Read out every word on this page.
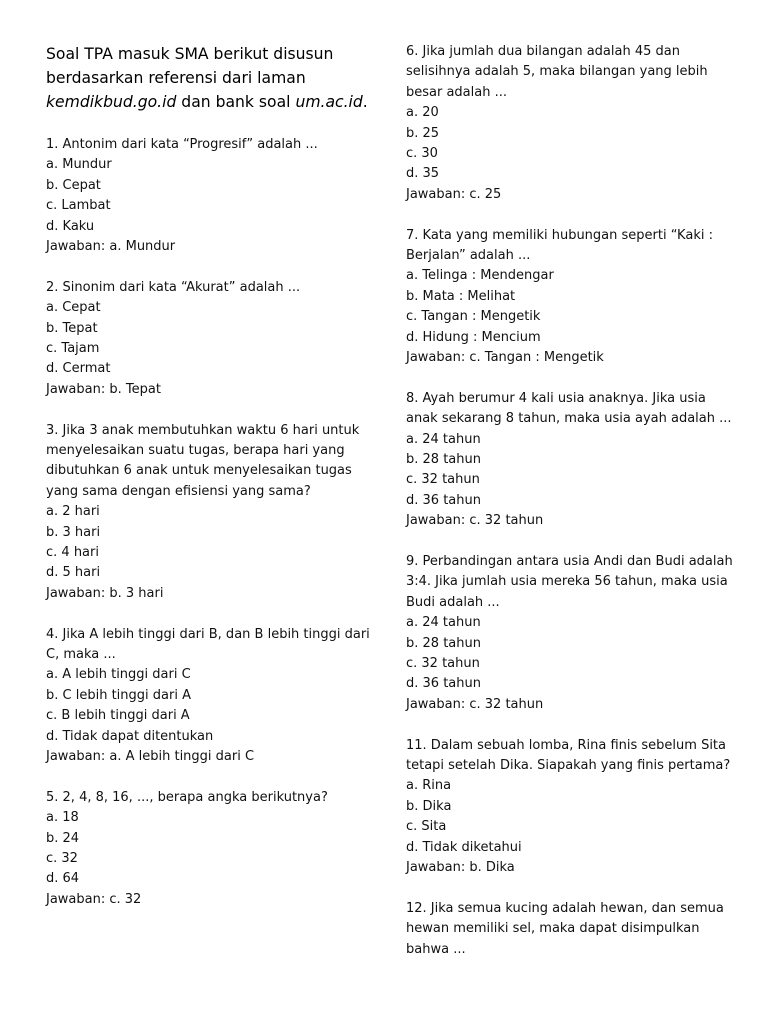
Soal TPA masuk SMA berikut disusun
berdasarkan referensi dari laman
kemdikbud.go.id dan bank soal um.ac.id.
1. Antonim dari kata “Progresif” adalah ...
a. Mundur
b. Cepat
c. Lambat
d. Kaku
Jawaban: a. Mundur
2. Sinonim dari kata “Akurat” adalah ...
a. Cepat
b. Tepat
c. Tajam
d. Cermat
Jawaban: b. Tepat
3. Jika 3 anak membutuhkan waktu 6 hari untuk
menyelesaikan suatu tugas, berapa hari yang
dibutuhkan 6 anak untuk menyelesaikan tugas
yang sama dengan efisiensi yang sama?
a. 2 hari
b. 3 hari
c. 4 hari
d. 5 hari
Jawaban: b. 3 hari
4. Jika A lebih tinggi dari B, dan B lebih tinggi dari
C, maka ...
a. A lebih tinggi dari C
b. C lebih tinggi dari A
c. B lebih tinggi dari A
d. Tidak dapat ditentukan
Jawaban: a. A lebih tinggi dari C
5. 2, 4, 8, 16, ..., berapa angka berikutnya?
a. 18
b. 24
c. 32
d. 64
Jawaban: c. 32
6. Jika jumlah dua bilangan adalah 45 dan
selisihnya adalah 5, maka bilangan yang lebih
besar adalah ...
a. 20
b. 25
c. 30
d. 35
Jawaban: c. 25
7. Kata yang memiliki hubungan seperti “Kaki :
Berjalan” adalah ...
a. Telinga : Mendengar
b. Mata : Melihat
c. Tangan : Mengetik
d. Hidung : Mencium
Jawaban: c. Tangan : Mengetik
8. Ayah berumur 4 kali usia anaknya. Jika usia
anak sekarang 8 tahun, maka usia ayah adalah ...
a. 24 tahun
b. 28 tahun
c. 32 tahun
d. 36 tahun
Jawaban: c. 32 tahun
9. Perbandingan antara usia Andi dan Budi adalah
3:4. Jika jumlah usia mereka 56 tahun, maka usia
Budi adalah ...
a. 24 tahun
b. 28 tahun
c. 32 tahun
d. 36 tahun
Jawaban: c. 32 tahun
11. Dalam sebuah lomba, Rina finis sebelum Sita
tetapi setelah Dika. Siapakah yang finis pertama?
a. Rina
b. Dika
c. Sita
d. Tidak diketahui
Jawaban: b. Dika
12. Jika semua kucing adalah hewan, dan semua
hewan memiliki sel, maka dapat disimpulkan
bahwa ...
